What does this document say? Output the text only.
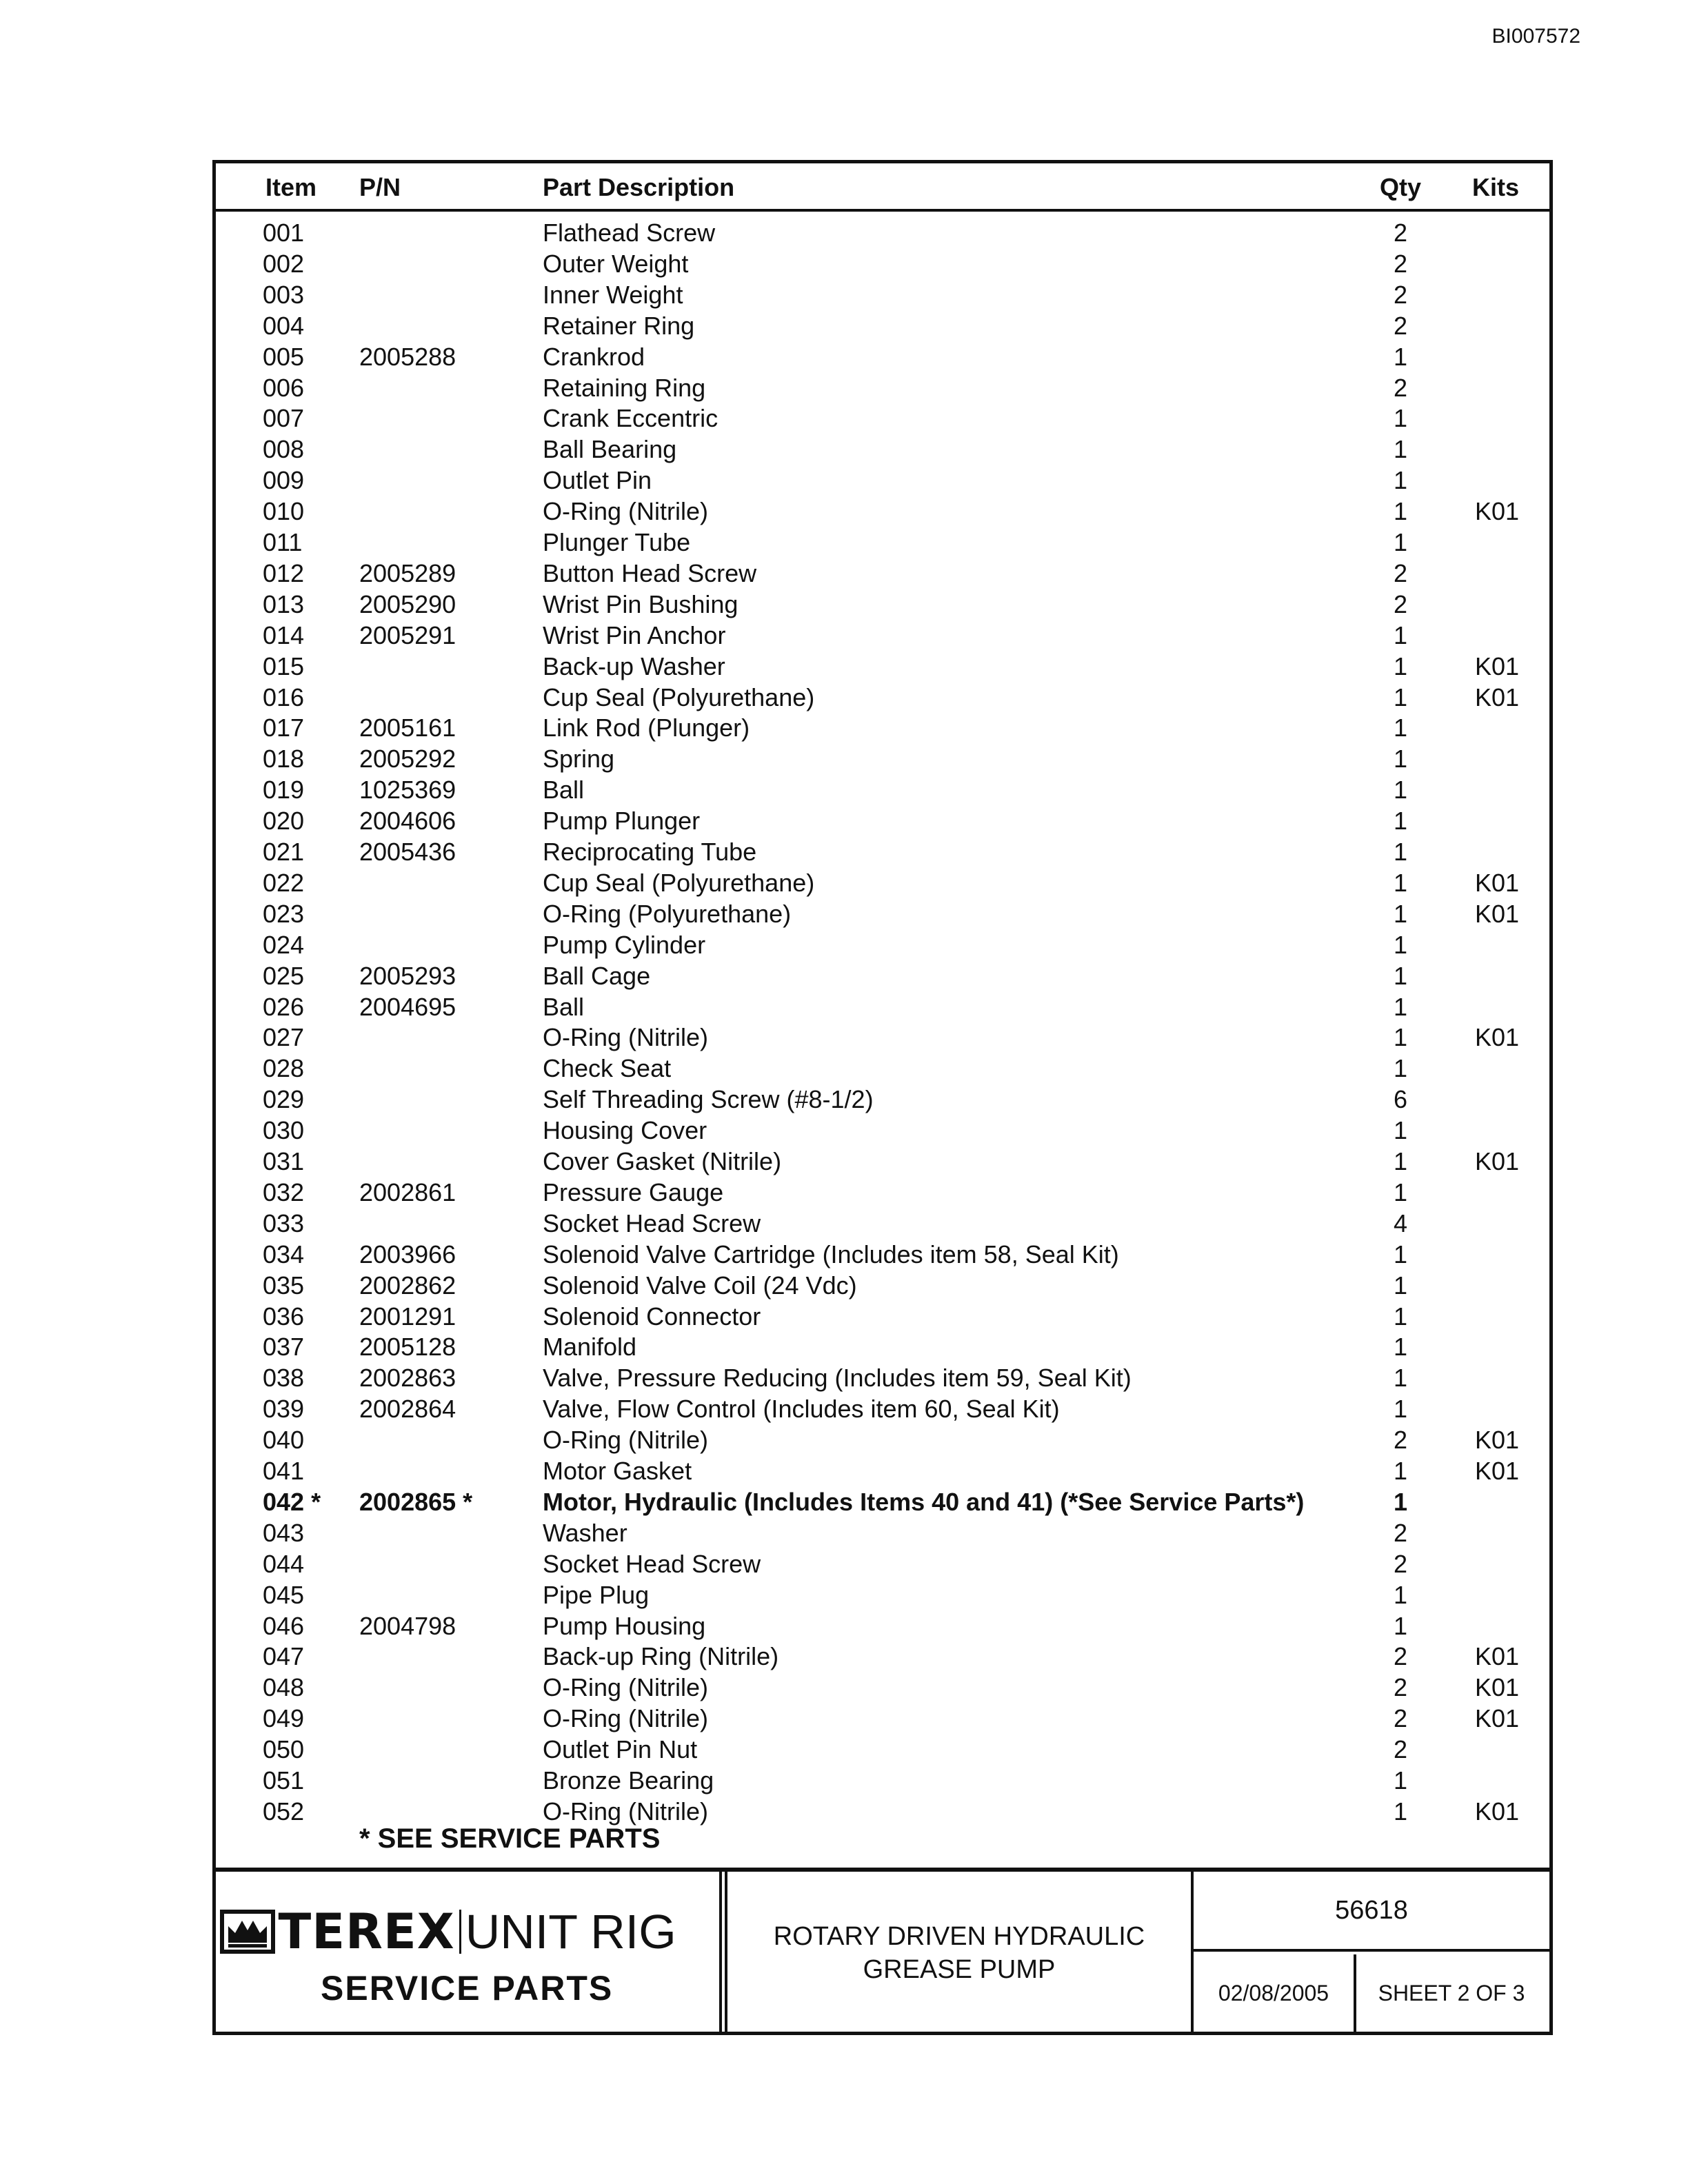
BI007572
Item P/N	Part Description	Qty Kits
001	Flathead Screw	2
002	Outer Weight	2
003	Inner Weight	2
004	Retainer Ring	2
005 2005288	Crankrod	1
006	Retaining Ring	2
007	Crank Eccentric	1
008	Ball Bearing	1
009	Outlet Pin	1
010	O-Ring (Nitrile)	1	K01
011	Plunger Tube	1
012 2005289	Button Head Screw	2
013 2005290	Wrist Pin Bushing	2
014 2005291	Wrist Pin Anchor	1
015	Back-up Washer	1	K01
016	Cup Seal (Polyurethane)	1	K01
017 2005161	Link Rod (Plunger)	1
018 2005292	Spring	1
019 1025369	Ball	1
020 2004606	Pump Plunger	1
021 2005436	Reciprocating Tube	1
022	Cup Seal (Polyurethane)	1	K01
023	O-Ring (Polyurethane)	1	K01
024	Pump Cylinder	1
025 2005293	Ball Cage	1
026 2004695	Ball	1
027	O-Ring (Nitrile)	1	K01
028	Check Seat	1
029	Self Threading Screw (#8-1/2)	6
030	Housing Cover	1
031	Cover Gasket (Nitrile)	1	K01
032 2002861	Pressure Gauge	1
033	Socket Head Screw	4
034 2003966	Solenoid Valve Cartridge (Includes item 58, Seal Kit)	1
035 2002862	Solenoid Valve Coil (24 Vdc)	1
036 2001291	Solenoid Connector	1
037 2005128	Manifold	1
038 2002863	Valve, Pressure Reducing (Includes item 59, Seal Kit)	1
039 2002864	Valve, Flow Control (Includes item 60, Seal Kit)	1
040	O-Ring (Nitrile)	2	K01
041	Motor Gasket	1	K01
042 * 2002865 *	Motor, Hydraulic (Includes Items 40 and 41) (*See Service Parts*)	1
043	Washer	2
044	Socket Head Screw	2
045	Pipe Plug	1
046 2004798	Pump Housing	1
047	Back-up Ring (Nitrile)	2	K01
048	O-Ring (Nitrile)	2	K01
049	O-Ring (Nitrile)	2	K01
050	Outlet Pin Nut	2
051	Bronze Bearing	1
052	O-Ring (Nitrile)	1	K01
* SEE SERVICE PARTS
TEREX UNIT RIG
SERVICE PARTS
ROTARY DRIVEN HYDRAULIC
GREASE PUMP
56618
02/08/2005	SHEET 2 OF 3
